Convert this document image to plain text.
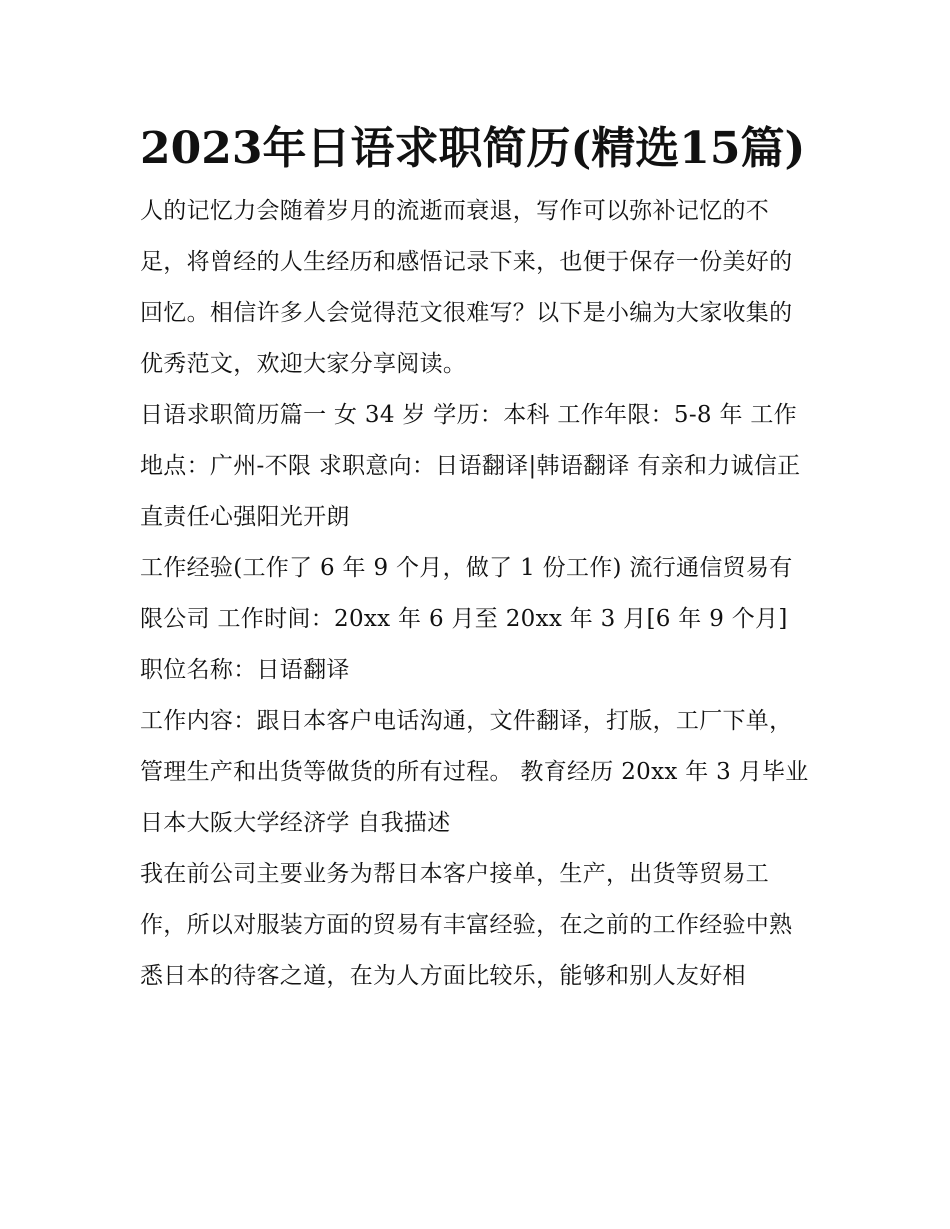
2023年日语求职简历(精选15篇)

人的记忆力会随着岁月的流逝而衰退，写作可以弥补记忆的不足，将曾经的人生经历和感悟记录下来，也便于保存一份美好的回忆。相信许多人会觉得范文很难写？以下是小编为大家收集的优秀范文，欢迎大家分享阅读。

日语求职简历篇一 女 34 岁 学历：本科 工作年限：5-8 年 工作地点：广州-不限 求职意向：日语翻译|韩语翻译 有亲和力诚信正直责任心强阳光开朗

工作经验(工作了 6 年 9 个月，做了 1 份工作) 流行通信贸易有限公司 工作时间：20xx 年 6 月至 20xx 年 3 月[6 年 9 个月] 职位名称：日语翻译

工作内容：跟日本客户电话沟通，文件翻译，打版，工厂下单，管理生产和出货等做货的所有过程。 教育经历 20xx 年 3 月毕业日本大阪大学经济学 自我描述

我在前公司主要业务为帮日本客户接单，生产，出货等贸易工作，所以对服装方面的贸易有丰富经验，在之前的工作经验中熟悉日本的待客之道，在为人方面比较乐，能够和别人友好相
